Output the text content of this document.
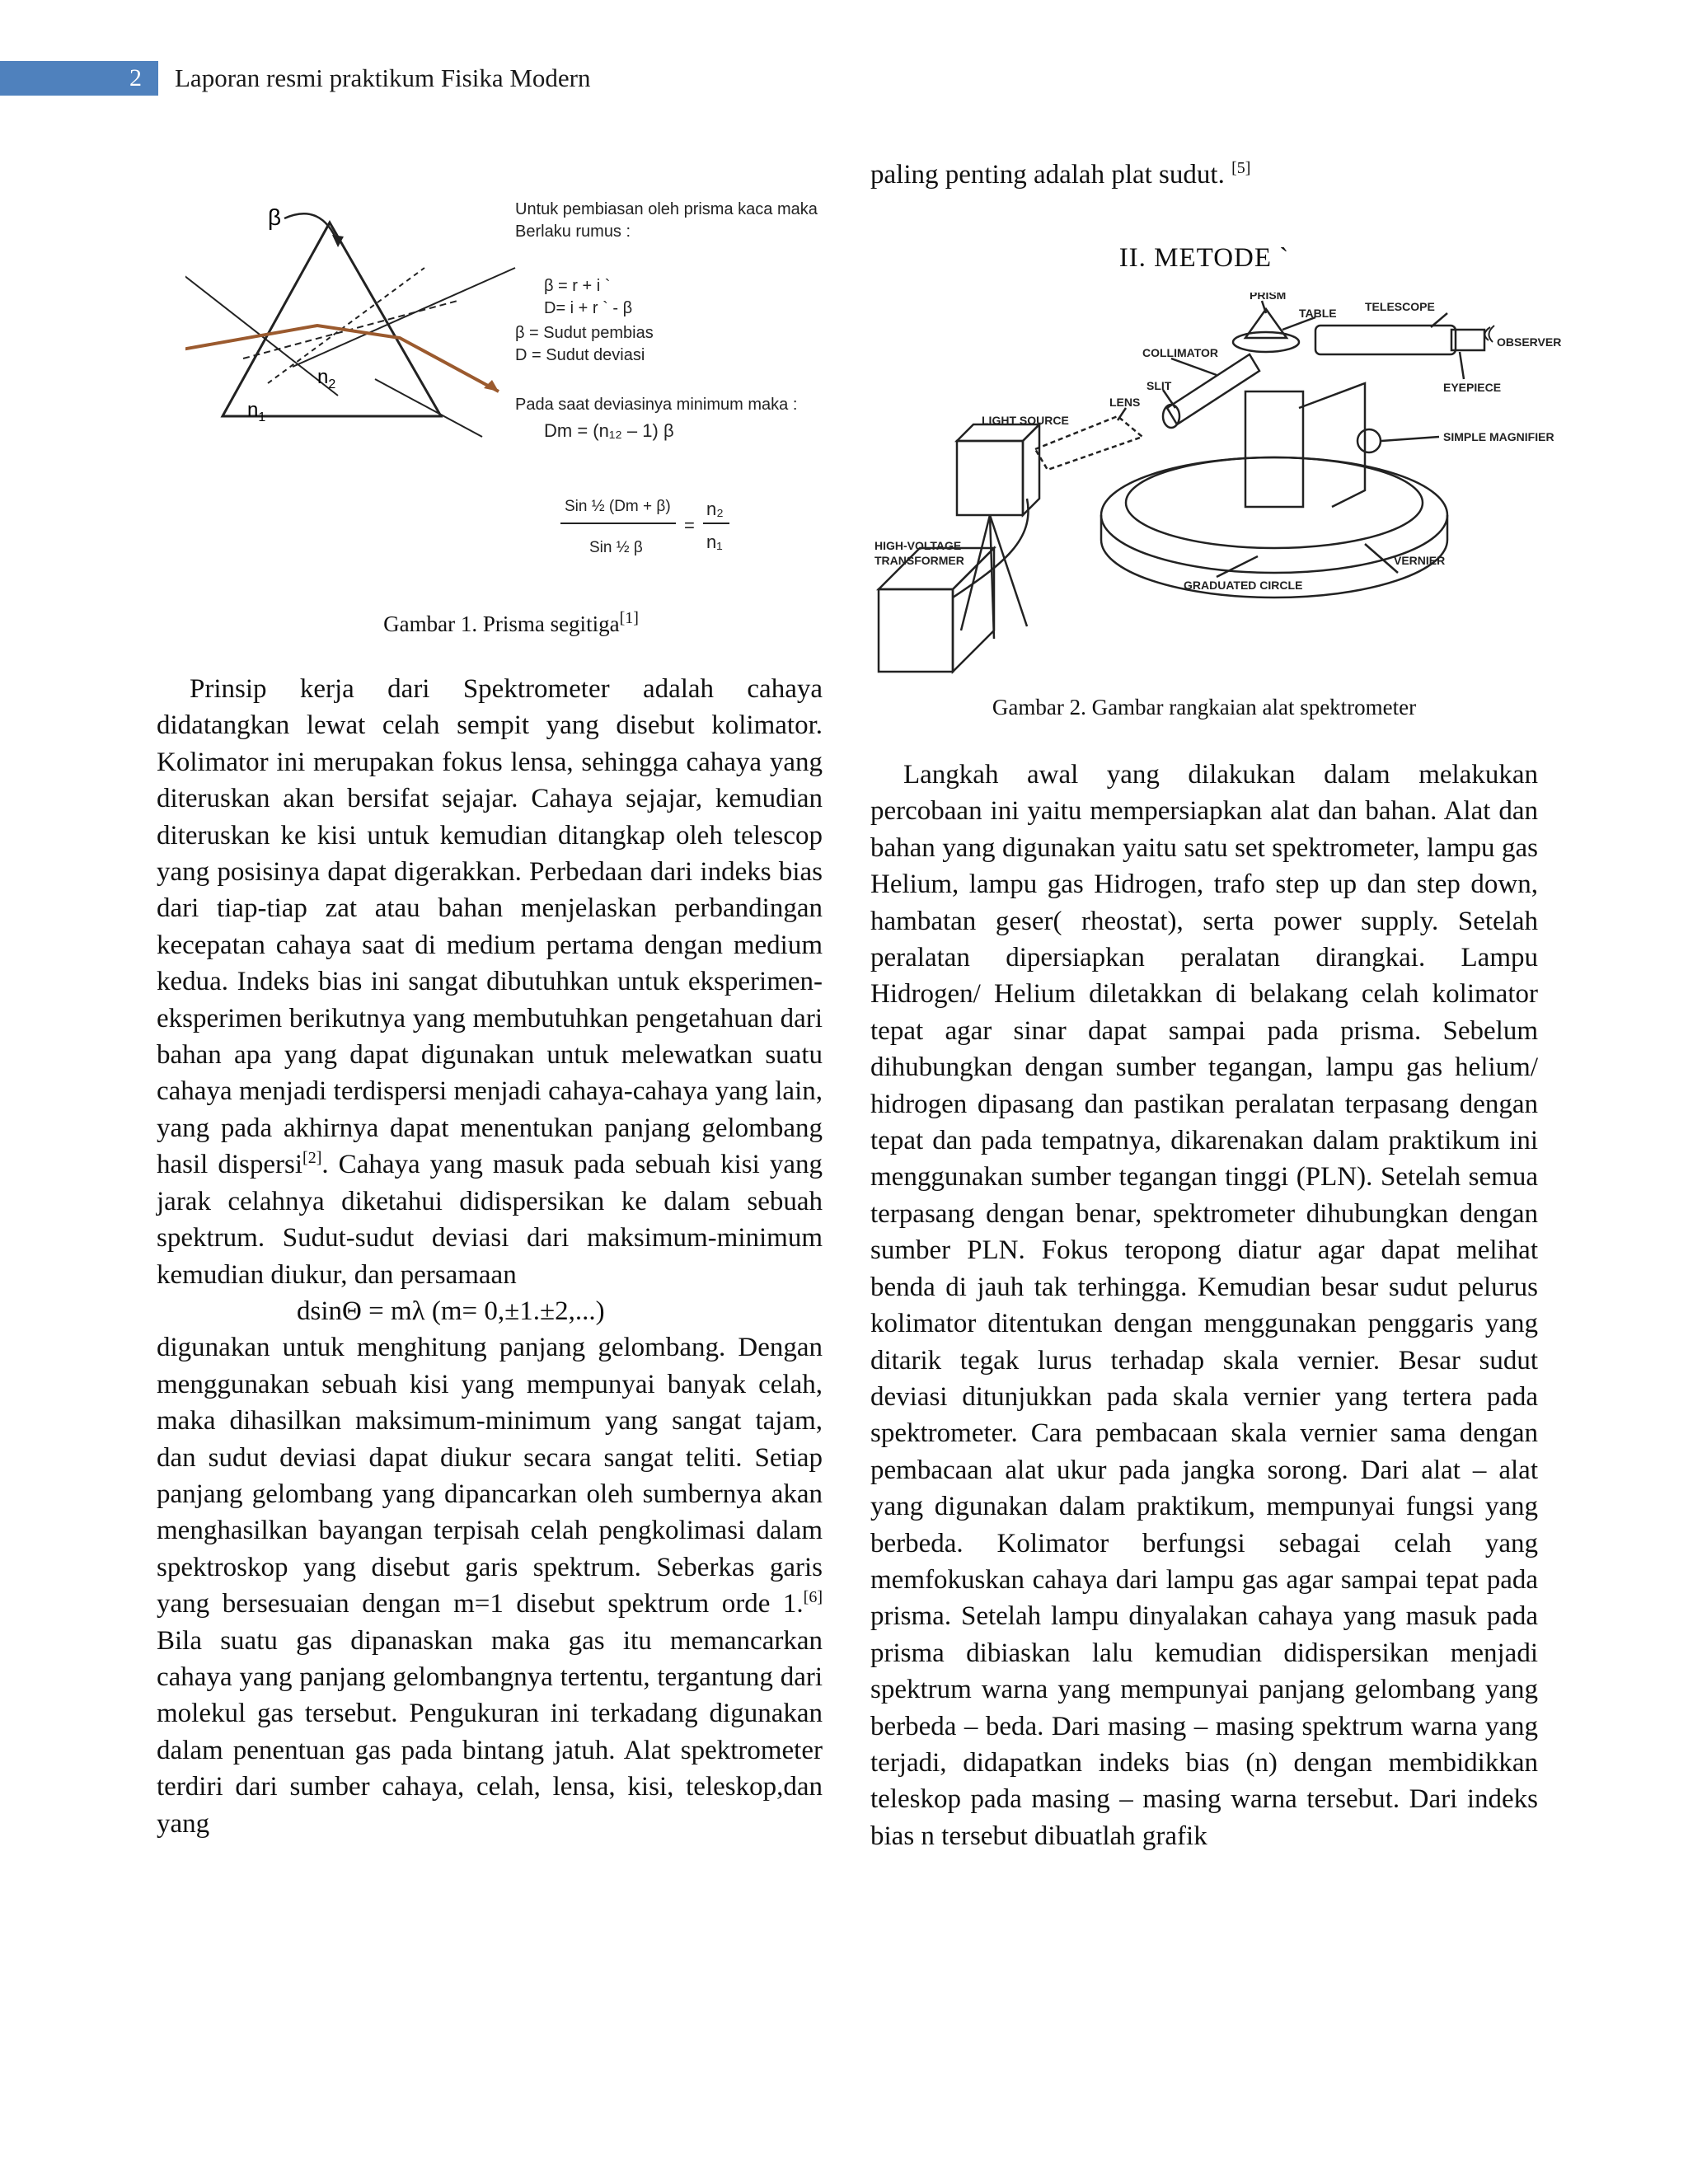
2	Laporan resmi praktikum Fisika Modern
β
$n_2$
$n_1$
Untuk pembiasan oleh prisma kaca maka
Berlaku rumus :
β = r + i `
D= i + r ` - β
β = Sudut pembias
D = Sudut deviasi
Pada saat deviasinya minimum maka :
Dm = (n₁₂ – 1) β
Sin ½ (Dm + β)
Sin ½ β
=
n₂
n₁
Gambar 1. Prisma segitiga[1]

Prinsip kerja dari Spektrometer adalah cahaya didatangkan lewat celah sempit yang disebut kolimator. Kolimator ini merupakan fokus lensa, sehingga cahaya yang diteruskan akan bersifat sejajar. Cahaya sejajar, kemudian diteruskan ke kisi untuk kemudian ditangkap oleh telescop yang posisinya dapat digerakkan. Perbedaan dari indeks bias dari tiap-tiap zat atau bahan menjelaskan perbandingan kecepatan cahaya saat di medium pertama dengan medium kedua. Indeks bias ini sangat dibutuhkan untuk eksperimen-eksperimen berikutnya yang membutuhkan pengetahuan dari bahan apa yang dapat digunakan untuk melewatkan suatu cahaya menjadi terdispersi menjadi cahaya-cahaya yang lain, yang pada akhirnya dapat menentukan panjang gelombang hasil dispersi[2]. Cahaya yang masuk pada sebuah kisi yang jarak celahnya diketahui didispersikan ke dalam sebuah spektrum. Sudut-sudut deviasi dari maksimum-minimum kemudian diukur, dan persamaan

dsinΘ = mλ (m= 0,±1.±2,...)

digunakan untuk menghitung panjang gelombang. Dengan menggunakan sebuah kisi yang mempunyai banyak celah, maka dihasilkan maksimum-minimum yang sangat tajam, dan sudut deviasi dapat diukur secara sangat teliti. Setiap panjang gelombang yang dipancarkan oleh sumbernya akan menghasilkan bayangan terpisah celah pengkolimasi dalam spektroskop yang disebut garis spektrum. Seberkas garis yang bersesuaian dengan m=1 disebut spektrum orde 1.[6] Bila suatu gas dipanaskan maka gas itu memancarkan cahaya yang panjang gelombangnya tertentu, tergantung dari molekul gas tersebut. Pengukuran ini terkadang digunakan dalam penentuan gas pada bintang jatuh. Alat spektrometer terdiri dari sumber cahaya, celah, lensa, kisi, teleskop,dan yang

paling penting adalah plat sudut. [5]

II. METODE `
PRISM
TABLE TELESCOPE
OBSERVER
COLLIMATOR
SLIT
LENS
EYEPIECE
LIGHT SOURCE
SIMPLE MAGNIFIER
HIGH-VOLTAGE
TRANSFORMER
GRADUATED CIRCLE
VERNIER
Gambar 2. Gambar rangkaian alat spektrometer

Langkah awal yang dilakukan dalam melakukan percobaan ini yaitu mempersiapkan alat dan bahan. Alat dan bahan yang digunakan yaitu satu set spektrometer, lampu gas Helium, lampu gas Hidrogen, trafo step up dan step down, hambatan geser( rheostat), serta power supply. Setelah peralatan dipersiapkan peralatan dirangkai. Lampu Hidrogen/ Helium diletakkan di belakang celah kolimator tepat agar sinar dapat sampai pada prisma. Sebelum dihubungkan dengan sumber tegangan, lampu gas helium/ hidrogen dipasang dan pastikan peralatan terpasang dengan tepat dan pada tempatnya, dikarenakan dalam praktikum ini menggunakan sumber tegangan tinggi (PLN). Setelah semua terpasang dengan benar, spektrometer dihubungkan dengan sumber PLN. Fokus teropong diatur agar dapat melihat benda di jauh tak terhingga. Kemudian besar sudut pelurus kolimator ditentukan dengan menggunakan penggaris yang ditarik tegak lurus terhadap skala vernier. Besar sudut deviasi ditunjukkan pada skala vernier yang tertera pada spektrometer. Cara pembacaan skala vernier sama dengan pembacaan alat ukur pada jangka sorong. Dari alat – alat yang digunakan dalam praktikum, mempunyai fungsi yang berbeda. Kolimator berfungsi sebagai celah yang memfokuskan cahaya dari lampu gas agar sampai tepat pada prisma. Setelah lampu dinyalakan cahaya yang masuk pada prisma dibiaskan lalu kemudian didispersikan menjadi spektrum warna yang mempunyai panjang gelombang yang berbeda – beda. Dari masing – masing spektrum warna yang terjadi, didapatkan indeks bias (n) dengan membidikkan teleskop pada masing – masing warna tersebut. Dari indeks bias n tersebut dibuatlah grafik
